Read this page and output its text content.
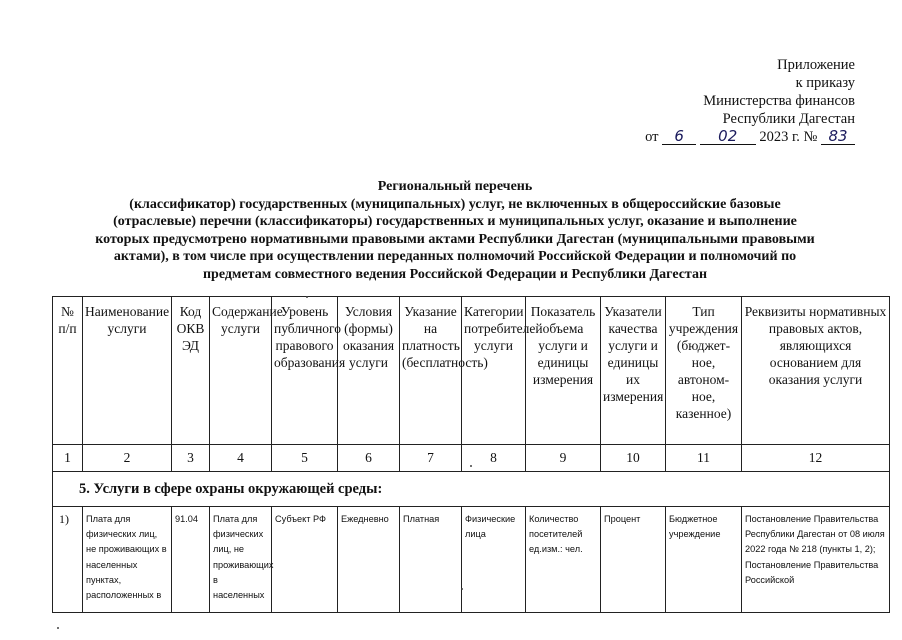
Приложение
к приказу
Министерства финансов
Республики Дагестан
от 6 02 2023 г. № 83
Региональный перечень
(классификатор) государственных (муниципальных) услуг, не включенных в общероссийские базовые
(отраслевые) перечни (классификаторы) государственных и муниципальных услуг, оказание и выполнение
которых предусмотрено нормативными правовыми актами Республики Дагестан (муниципальными правовыми
актами), в том числе при осуществлении переданных полномочий Российской Федерации и полномочий по
предметам совместного ведения Российской Федерации и Республики Дагестан
№ п/п	Наименование услуги	Код ОКВ ЭД	Содержание услуги	Уровень публичного правового образования	Условия (формы) оказания услуги	Указание на платность (бесплатность)	Категории потребителей услуги	Показатель объема услуги и единицы измерения	Указатели качества услуги и единицы их измерения	Тип учреждения (бюджет-ное, автоном-ное, казенное)	Реквизиты нормативных правовых актов, являющихся основанием для оказания услуги
1	2	3	4	5	6	7	8	9	10	11	12
5. Услуги в сфере охраны окружающей среды:											
1)	Плата для физических лиц, не проживающих в населенных пунктах, расположенных в	91.04	Плата для физических лиц, не проживающих в населенных	Субъект РФ	Ежедневно	Платная	Физические лица	Количество посетителей ед.изм.: чел.	Процент	Бюджетное учреждение	Постановление Правительства Республики Дагестан от 08 июля 2022 года № 218 (пункты 1, 2); Постановление Правительства Российской
